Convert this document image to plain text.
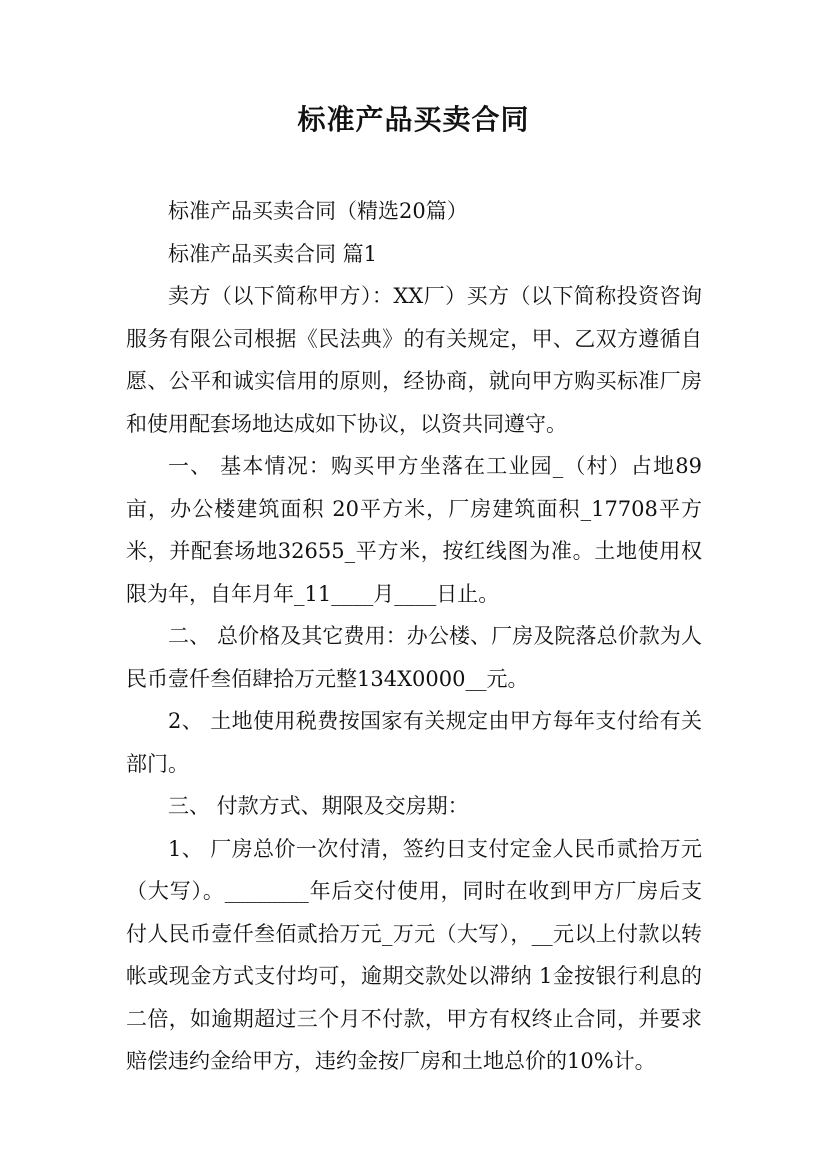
标准产品买卖合同

标准产品买卖合同（精选20篇）

标准产品买卖合同 篇1

卖方（以下简称甲方）：XX厂）买方（以下简称投资咨询服务有限公司根据《民法典》的有关规定，甲、乙双方遵循自愿、公平和诚实信用的原则，经协商，就向甲方购买标准厂房和使用配套场地达成如下协议，以资共同遵守。

一、 基本情况：购买甲方坐落在工业园_（村）占地89亩，办公楼建筑面积 20平方米，厂房建筑面积_17708平方米，并配套场地32655_平方米，按红线图为准。土地使用权限为年，自年月年_11____月____日止。

二、 总价格及其它费用：办公楼、厂房及院落总价款为人民币壹仟叁佰肆拾万元整134X0000__元。

2、 土地使用税费按国家有关规定由甲方每年支付给有关部门。

三、 付款方式、期限及交房期：

1、 厂房总价一次付清，签约日支付定金人民币贰拾万元（大写）。________年后交付使用，同时在收到甲方厂房后支付人民币壹仟叁佰贰拾万元_万元（大写），__元以上付款以转帐或现金方式支付均可，逾期交款处以滞纳 1金按银行利息的二倍，如逾期超过三个月不付款，甲方有权终止合同，并要求赔偿违约金给甲方，违约金按厂房和土地总价的10%计。
